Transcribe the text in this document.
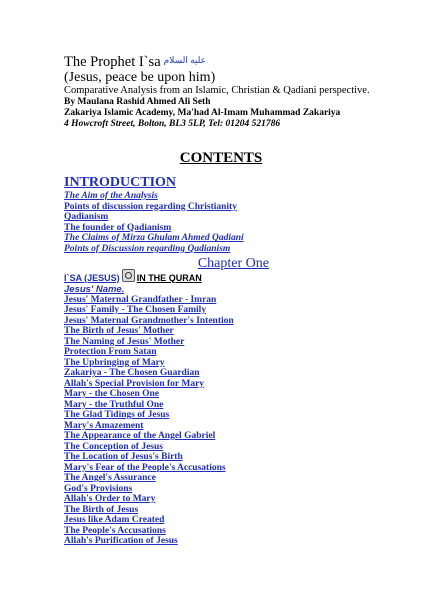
The Prophet I`sa $^{عليه السلام}$
(Jesus, peace be upon him)
Comparative Analysis from an Islamic, Christian & Qadiani perspective.
By Maulana Rashid Ahmed Ali Seth
Zakariya Islamic Academy, Ma'had Al-Imam Muhammad Zakariya
4 Howcroft Street, Bolton, BL3 5LP, Tel: 01204 521786
CONTENTS
INTRODUCTION
The Aim of the Analysis
Points of discussion regarding Christianity
Qadianism
The founder of Qadianism
The Claims of Mirza Ghulam Ahmed Qadiani
Points of Discussion regarding Qadianism
Chapter One
I`SA (JESUS) IN THE QURAN
Jesus' Name.
Jesus' Maternal Grandfather - Imran
Jesus' Family - The Chosen Family
Jesus' Maternal Grandmother's Intention
The Birth of Jesus' Mother
The Naming of Jesus' Mother
Protection From Satan
The Upbringing of Mary
Zakariya - The Chosen Guardian
Allah's Special Provision for Mary
Mary - the Chosen One
Mary - the Truthful One
The Glad Tidings of Jesus
Mary's Amazement
The Appearance of the Angel Gabriel
The Conception of Jesus
The Location of Jesus's Birth
Mary's Fear of the People's Accusations
The Angel's Assurance
God's Provisions
Allah's Order to Mary
The Birth of Jesus
Jesus like Adam Created
The People's Accusations
Allah's Purification of Jesus
